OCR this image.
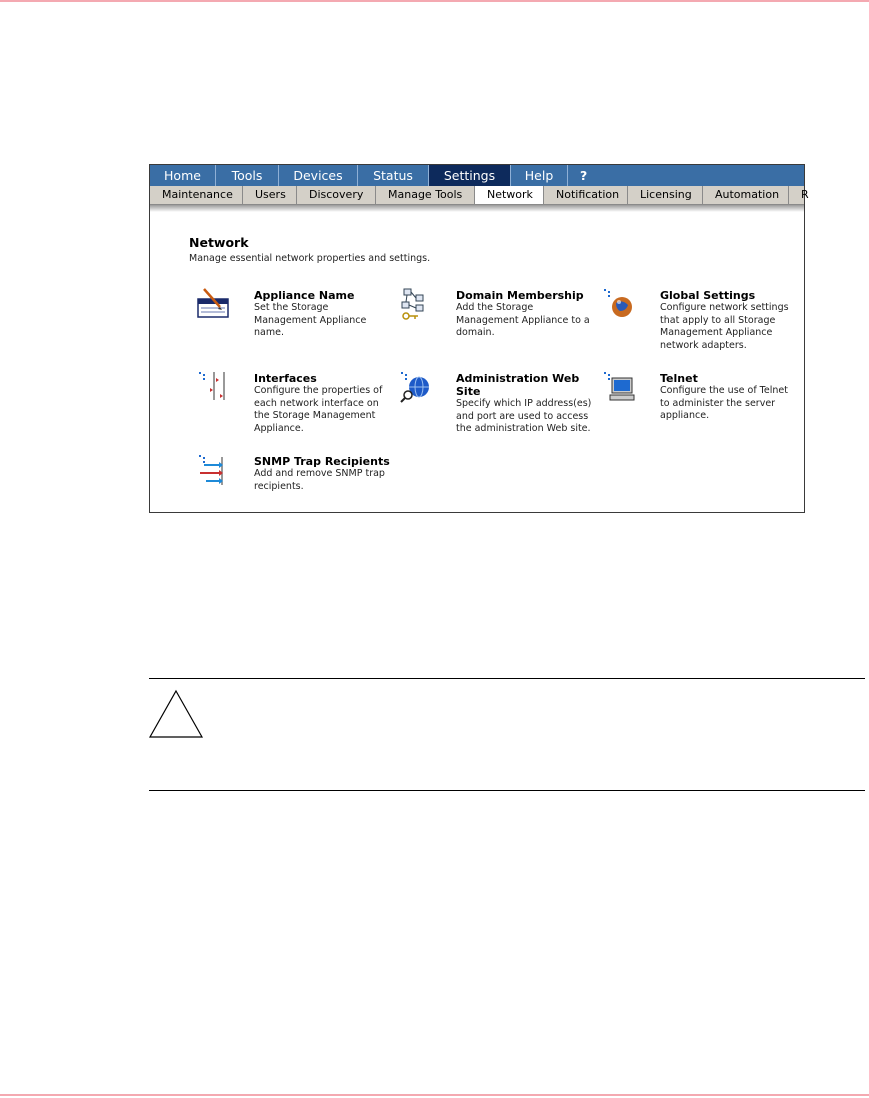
Home	Tools	Devices	Status	Settings	Help	?
Maintenance	Users	Discovery	Manage Tools	Network	Notification	Licensing	Automation	R
Network
Manage essential network properties and settings.
Appliance Name
Set the Storage Management Appliance name.
Domain Membership
Add the Storage Management Appliance to a domain.
Global Settings
Configure network settings that apply to all Storage Management Appliance network adapters.
Interfaces
Configure the properties of each network interface on the Storage Management Appliance.
Administration Web Site
Specify which IP address(es) and port are used to access the administration Web site.
Telnet
Configure the use of Telnet to administer the server appliance.
SNMP Trap Recipients
Add and remove SNMP trap recipients.
